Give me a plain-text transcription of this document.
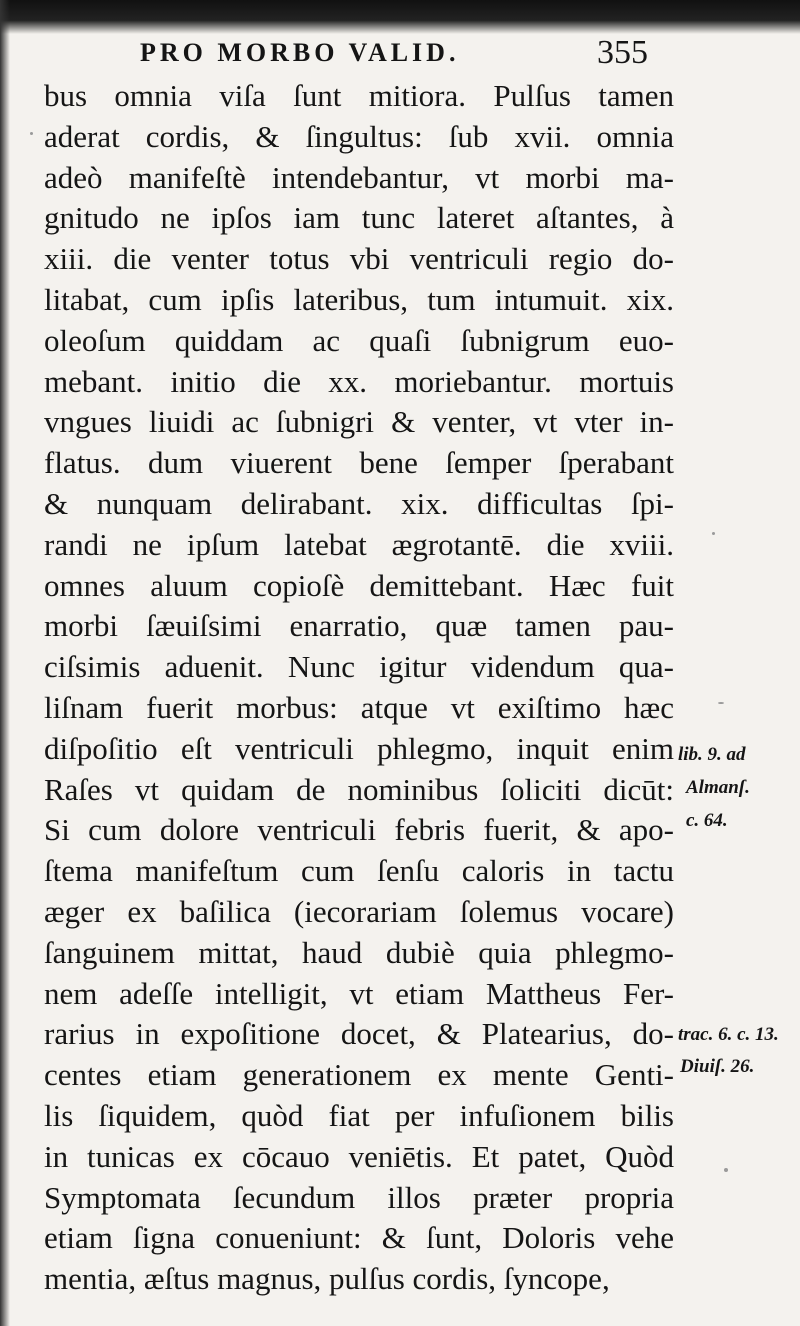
PRO MORBO VALID.	355
bus omnia viſa ſunt mitiora. Pulſus tamen
aderat cordis, & ſingultus: ſub xvii. omnia
adeò manifeſtè intendebantur, vt morbi ma-
gnitudo ne ipſos iam tunc lateret aſtantes, à
xiii. die venter totus vbi ventriculi regio do-
litabat, cum ipſis lateribus, tum intumuit. xix.
oleoſum quiddam ac quaſi ſubnigrum euo-
mebant. initio die xx. moriebantur. mortuis
vngues liuidi ac ſubnigri & venter, vt vter in-
flatus. dum viuerent bene ſemper ſperabant
& nunquam delirabant. xix. difficultas ſpi-
randi ne ipſum latebat ægrotantē. die xviii.
omnes aluum copioſè demittebant. Hæc fuit
morbi ſæuiſsimi enarratio, quæ tamen pau-
ciſsimis aduenit. Nunc igitur videndum qua-
liſnam fuerit morbus: atque vt exiſtimo hæc
diſpoſitio eſt ventriculi phlegmo, inquit enim
Raſes vt quidam de nominibus ſoliciti dicūt:
Si cum dolore ventriculi febris fuerit, & apo-
ſtema manifeſtum cum ſenſu caloris in tactu
æger ex baſilica (iecorariam ſolemus vocare)
ſanguinem mittat, haud dubiè quia phlegmo-
nem adeſſe intelligit, vt etiam Mattheus Fer-
rarius in expoſitione docet, & Platearius, do-
centes etiam generationem ex mente Genti-
lis ſiquidem, quòd fiat per infuſionem bilis
in tunicas ex cōcauo veniētis. Et patet, Quòd
Symptomata ſecundum illos præter propria
etiam ſigna conueniunt: & ſunt, Doloris vehe
mentia, æſtus magnus, pulſus cordis, ſyncope,
lib. 9. ad
Almanſ.
c. 64.
trac. 6. c. 13.
Diuiſ. 26.
